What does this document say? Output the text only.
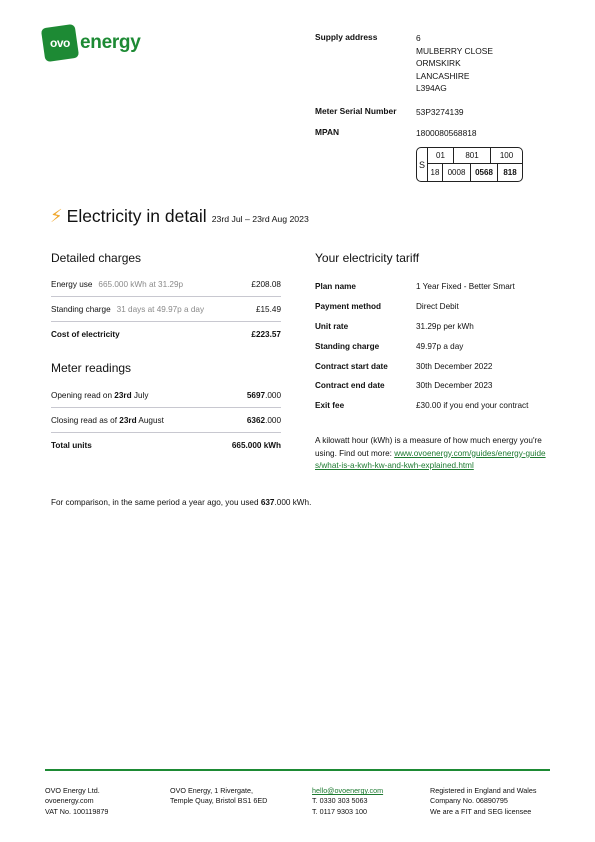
ovo energy	Supply address	6
MULBERRY CLOSE
ORMSKIRK
LANCASHIRE
L394AG
Meter Serial Number	53P3274139
MPAN	1800080568818
S
01	801	100
18	0008	0568	818
⚡ Electricity in detail 23rd Jul – 23rd Aug 2023
Detailed charges
Energy use 665.000 kWh at 31.29p	£208.08
Standing charge 31 days at 49.97p a day	£15.49
Cost of electricity	£223.57
Meter readings
Opening read on 23rd July	5697.000
Closing read as of 23rd August	6362.000
Total units	665.000 kWh
Your electricity tariff
Plan name	1 Year Fixed - Better Smart
Payment method	Direct Debit
Unit rate	31.29p per kWh
Standing charge	49.97p a day
Contract start date	30th December 2022
Contract end date	30th December 2023
Exit fee	£30.00 if you end your contract
A kilowatt hour (kWh) is a measure of how much energy you're using. Find out more: www.ovoenergy.com/guides/energy-guides/what-is-a-kwh-kw-and-kwh-explained.html
For comparison, in the same period a year ago, you used 637.000 kWh.
OVO Energy Ltd.
ovoenergy.com
VAT No. 100119879
OVO Energy, 1 Rivergate,
Temple Quay, Bristol BS1 6ED
hello@ovoenergy.com
T. 0330 303 5063
T. 0117 9303 100
Registered in England and Wales
Company No. 06890795
We are a FIT and SEG licensee
